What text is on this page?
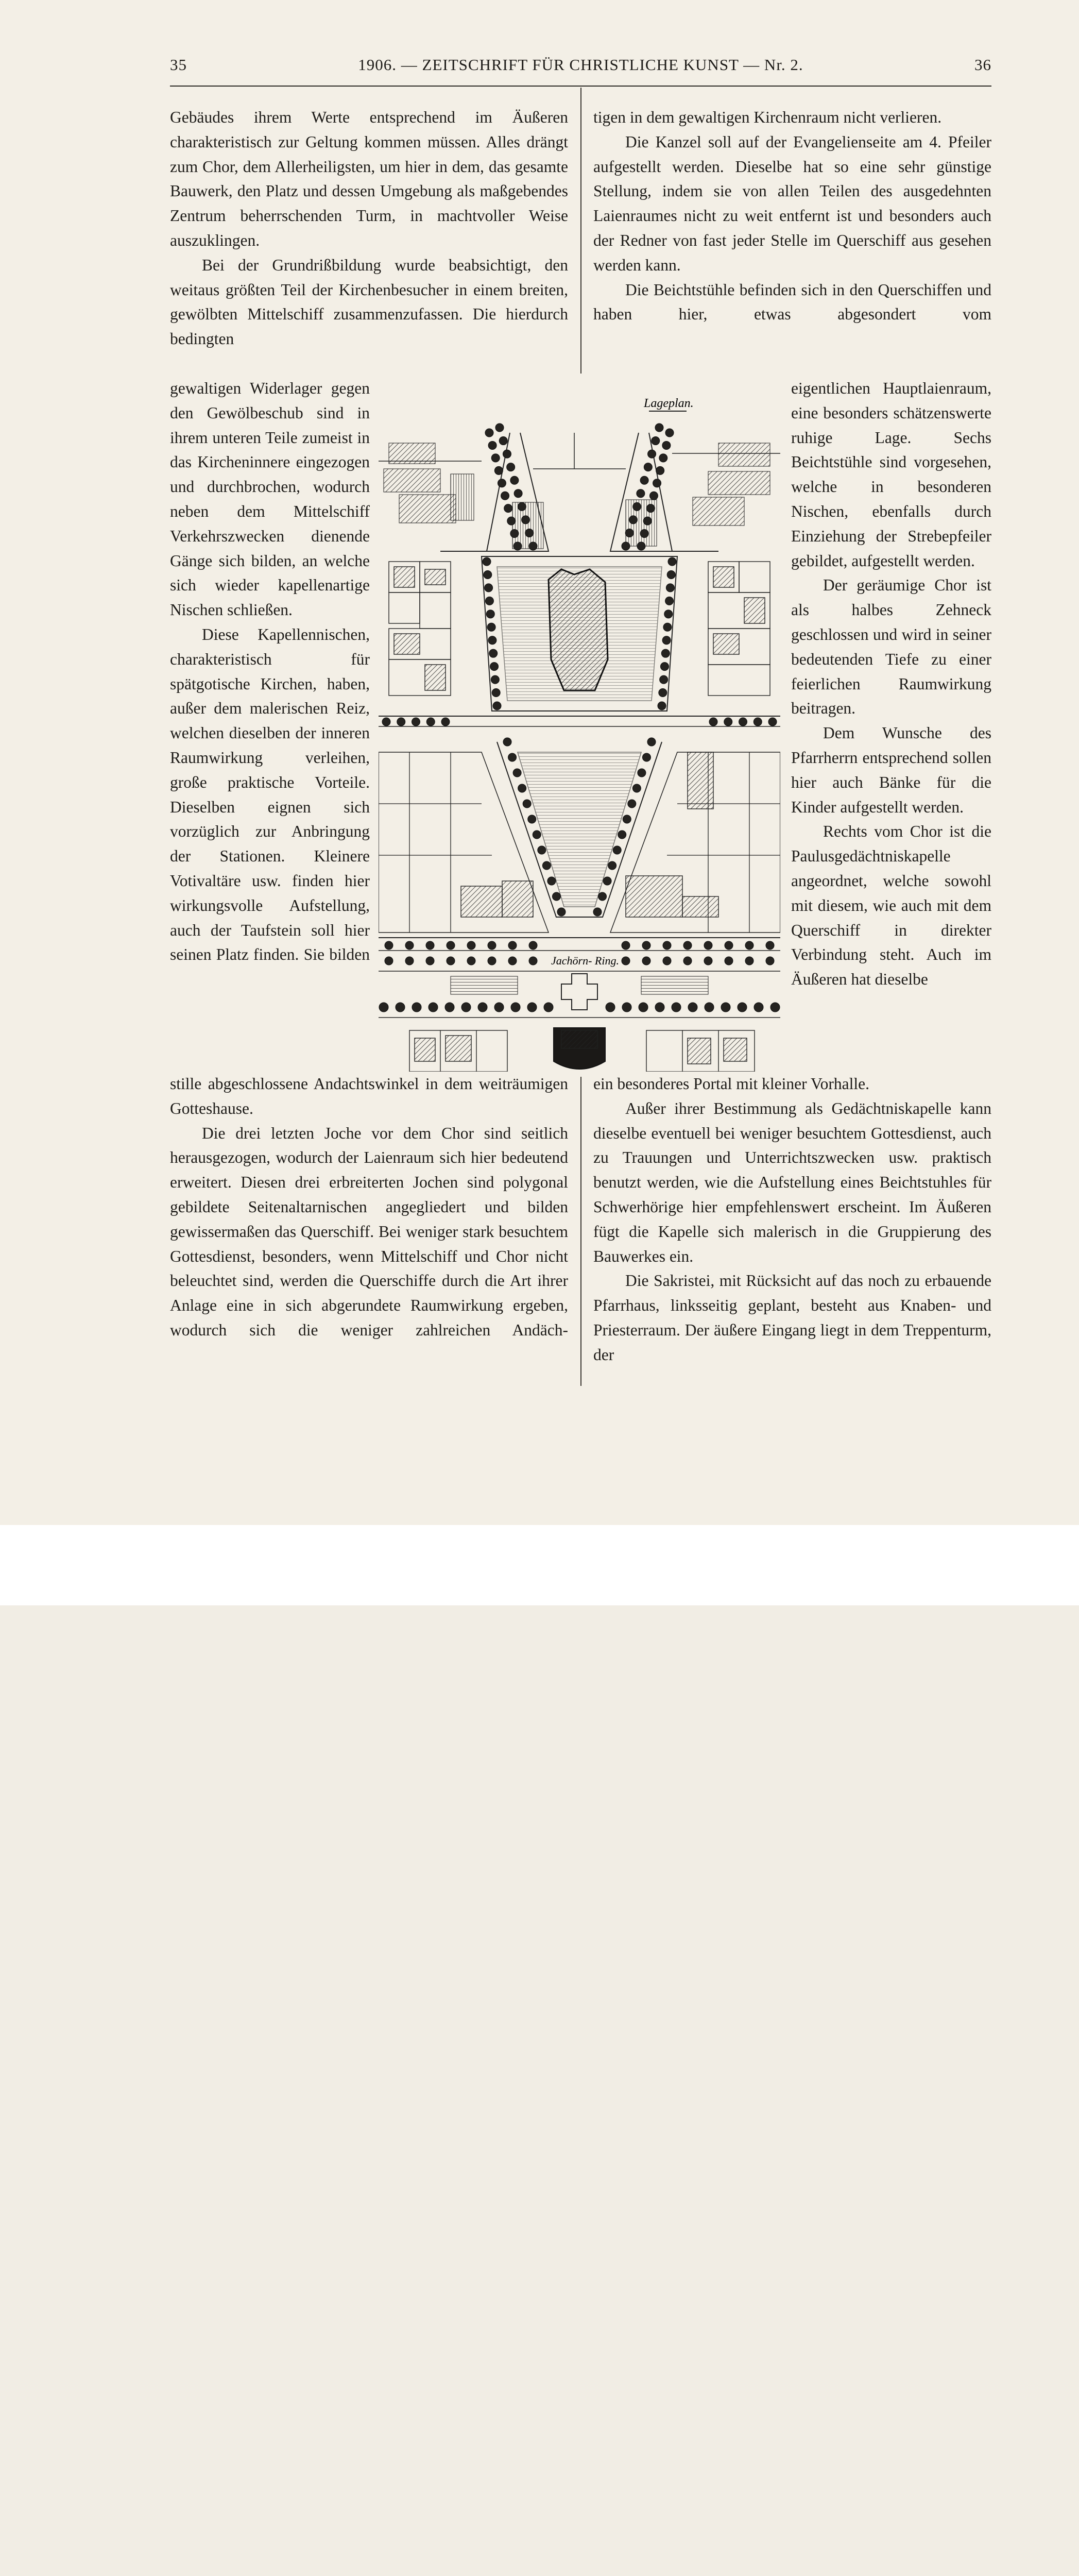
35	1906. — ZEITSCHRIFT FÜR CHRISTLICHE KUNST — Nr. 2.	36

Gebäudes ihrem Werte entsprechend im Äußeren charakteristisch zur Geltung kommen müssen. Alles drängt zum Chor, dem Allerheiligsten, um hier in dem, das gesamte Bauwerk, den Platz und dessen Umgebung als maßgebendes Zentrum beherrschenden Turm, in machtvoller Weise auszuklingen.

Bei der Grundrißbildung wurde beabsichtigt, den weitaus größten Teil der Kirchenbesucher in einem breiten, gewölbten Mittelschiff zusammenzufassen. Die hierdurch bedingten

gewaltigen Widerlager gegen den Gewölbeschub sind in ihrem unteren Teile zumeist in das Kircheninnere eingezogen und durchbrochen, wodurch neben dem Mittelschiff Verkehrszwecken dienende Gänge sich bilden, an welche sich wieder kapellenartige Nischen schließen.

Diese Kapellennischen, charakteristisch für spätgotische Kirchen, haben, außer dem malerischen Reiz, welchen dieselben der inneren Raumwirkung verleihen, große praktische Vorteile. Dieselben eignen sich vorzüglich zur Anbringung der Stationen. Kleinere Votivaltäre usw. finden hier wirkungsvolle Aufstellung, auch der Taufstein soll hier seinen Platz finden. Sie bilden

stille abgeschlossene Andachtswinkel in dem weiträumigen Gotteshause.

Die drei letzten Joche vor dem Chor sind seitlich herausgezogen, wodurch der Laienraum sich hier bedeutend erweitert. Diesen drei erbreiterten Jochen sind polygonal gebildete Seitenaltarnischen angegliedert und bilden gewissermaßen das Querschiff. Bei weniger stark besuchtem Gottesdienst, besonders, wenn Mittelschiff und Chor nicht beleuchtet sind, werden die Querschiffe durch die Art ihrer Anlage eine in sich abgerundete Raumwirkung ergeben, wodurch sich die weniger zahlreichen Andäch-

tigen in dem gewaltigen Kirchenraum nicht verlieren.

Die Kanzel soll auf der Evangelienseite am 4. Pfeiler aufgestellt werden. Dieselbe hat so eine sehr günstige Stellung, indem sie von allen Teilen des ausgedehnten Laienraumes nicht zu weit entfernt ist und besonders auch der Redner von fast jeder Stelle im Querschiff aus gesehen werden kann.

Die Beichtstühle befinden sich in den Querschiffen und haben hier, etwas abgesondert vom

eigentlichen Hauptlaienraum, eine besonders schätzenswerte ruhige Lage. Sechs Beichtstühle sind vorgesehen, welche in besonderen Nischen, ebenfalls durch Einziehung der Strebepfeiler gebildet, aufgestellt werden.

Der geräumige Chor ist als halbes Zehneck geschlossen und wird in seiner bedeutenden Tiefe zu einer feierlichen Raumwirkung beitragen.

Dem Wunsche des Pfarrherrn entsprechend sollen hier auch Bänke für die Kinder aufgestellt werden.

Rechts vom Chor ist die Paulusgedächtniskapelle angeordnet, welche sowohl mit diesem, wie auch mit dem Querschiff in direkter Verbindung steht. Auch im Äußeren hat dieselbe

ein besonderes Portal mit kleiner Vorhalle.

Außer ihrer Bestimmung als Gedächtniskapelle kann dieselbe eventuell bei weniger besuchtem Gottesdienst, auch zu Trauungen und Unterrichtszwecken usw. praktisch benutzt werden, wie die Aufstellung eines Beichtstuhles für Schwerhörige hier empfehlenswert erscheint. Im Äußeren fügt die Kapelle sich malerisch in die Gruppierung des Bauwerkes ein.

Die Sakristei, mit Rücksicht auf das noch zu erbauende Pfarrhaus, linksseitig geplant, besteht aus Knaben- und Priesterraum. Der äußere Eingang liegt in dem Treppenturm, der

Lageplan.
Jachörn- Ring.
